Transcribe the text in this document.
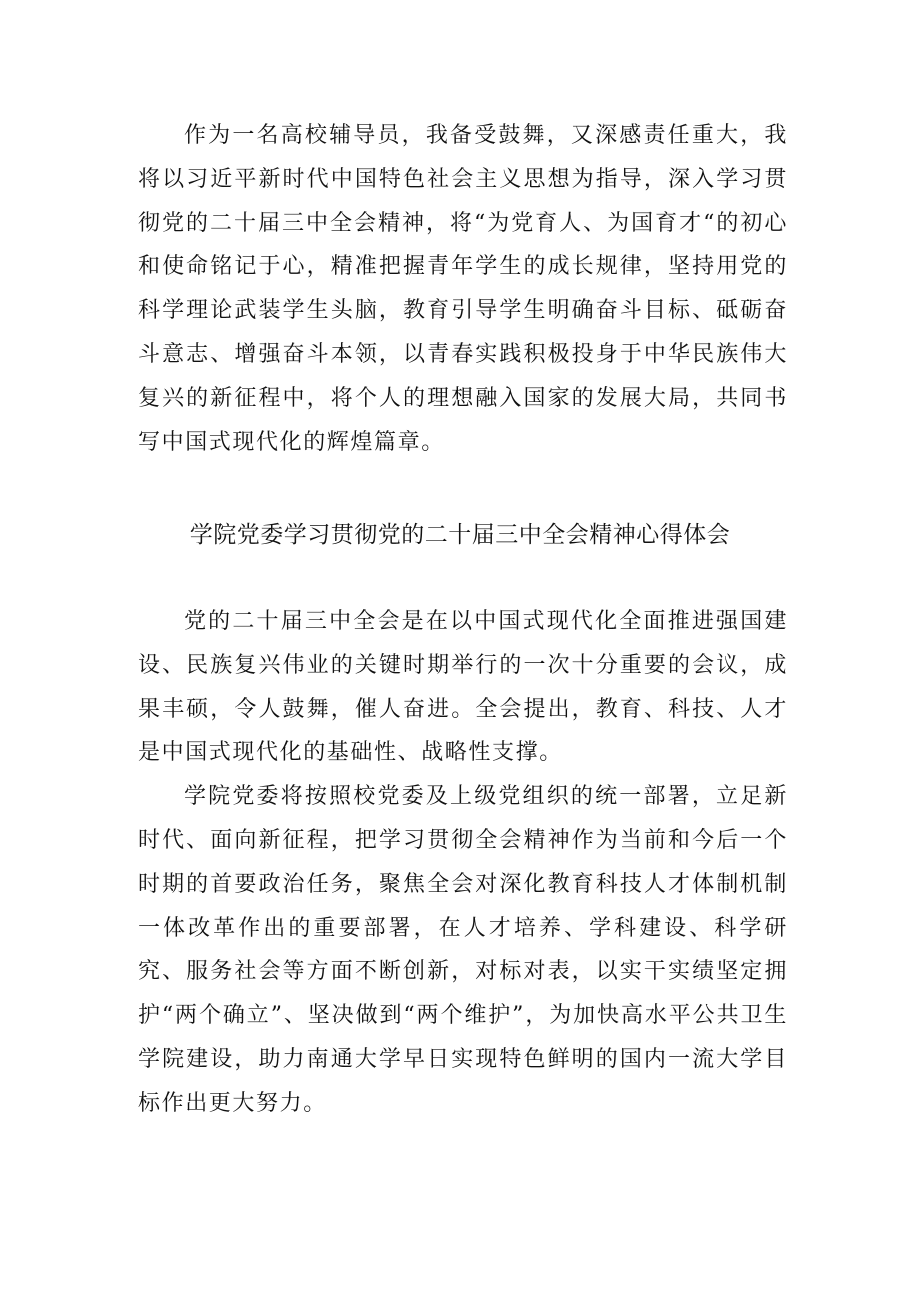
作为一名高校辅导员，我备受鼓舞，又深感责任重大，我将以习近平新时代中国特色社会主义思想为指导，深入学习贯彻党的二十届三中全会精神，将“为党育人、为国育才“的初心和使命铭记于心，精准把握青年学生的成长规律，坚持用党的科学理论武装学生头脑，教育引导学生明确奋斗目标、砥砺奋斗意志、增强奋斗本领，以青春实践积极投身于中华民族伟大复兴的新征程中，将个人的理想融入国家的发展大局，共同书写中国式现代化的辉煌篇章。

学院党委学习贯彻党的二十届三中全会精神心得体会

党的二十届三中全会是在以中国式现代化全面推进强国建设、民族复兴伟业的关键时期举行的一次十分重要的会议，成果丰硕，令人鼓舞，催人奋进。全会提出，教育、科技、人才是中国式现代化的基础性、战略性支撑。

学院党委将按照校党委及上级党组织的统一部署，立足新时代、面向新征程，把学习贯彻全会精神作为当前和今后一个时期的首要政治任务，聚焦全会对深化教育科技人才体制机制一体改革作出的重要部署，在人才培养、学科建设、科学研究、服务社会等方面不断创新，对标对表，以实干实绩坚定拥护“两个确立”、坚决做到“两个维护”，为加快高水平公共卫生学院建设，助力南通大学早日实现特色鲜明的国内一流大学目标作出更大努力。
